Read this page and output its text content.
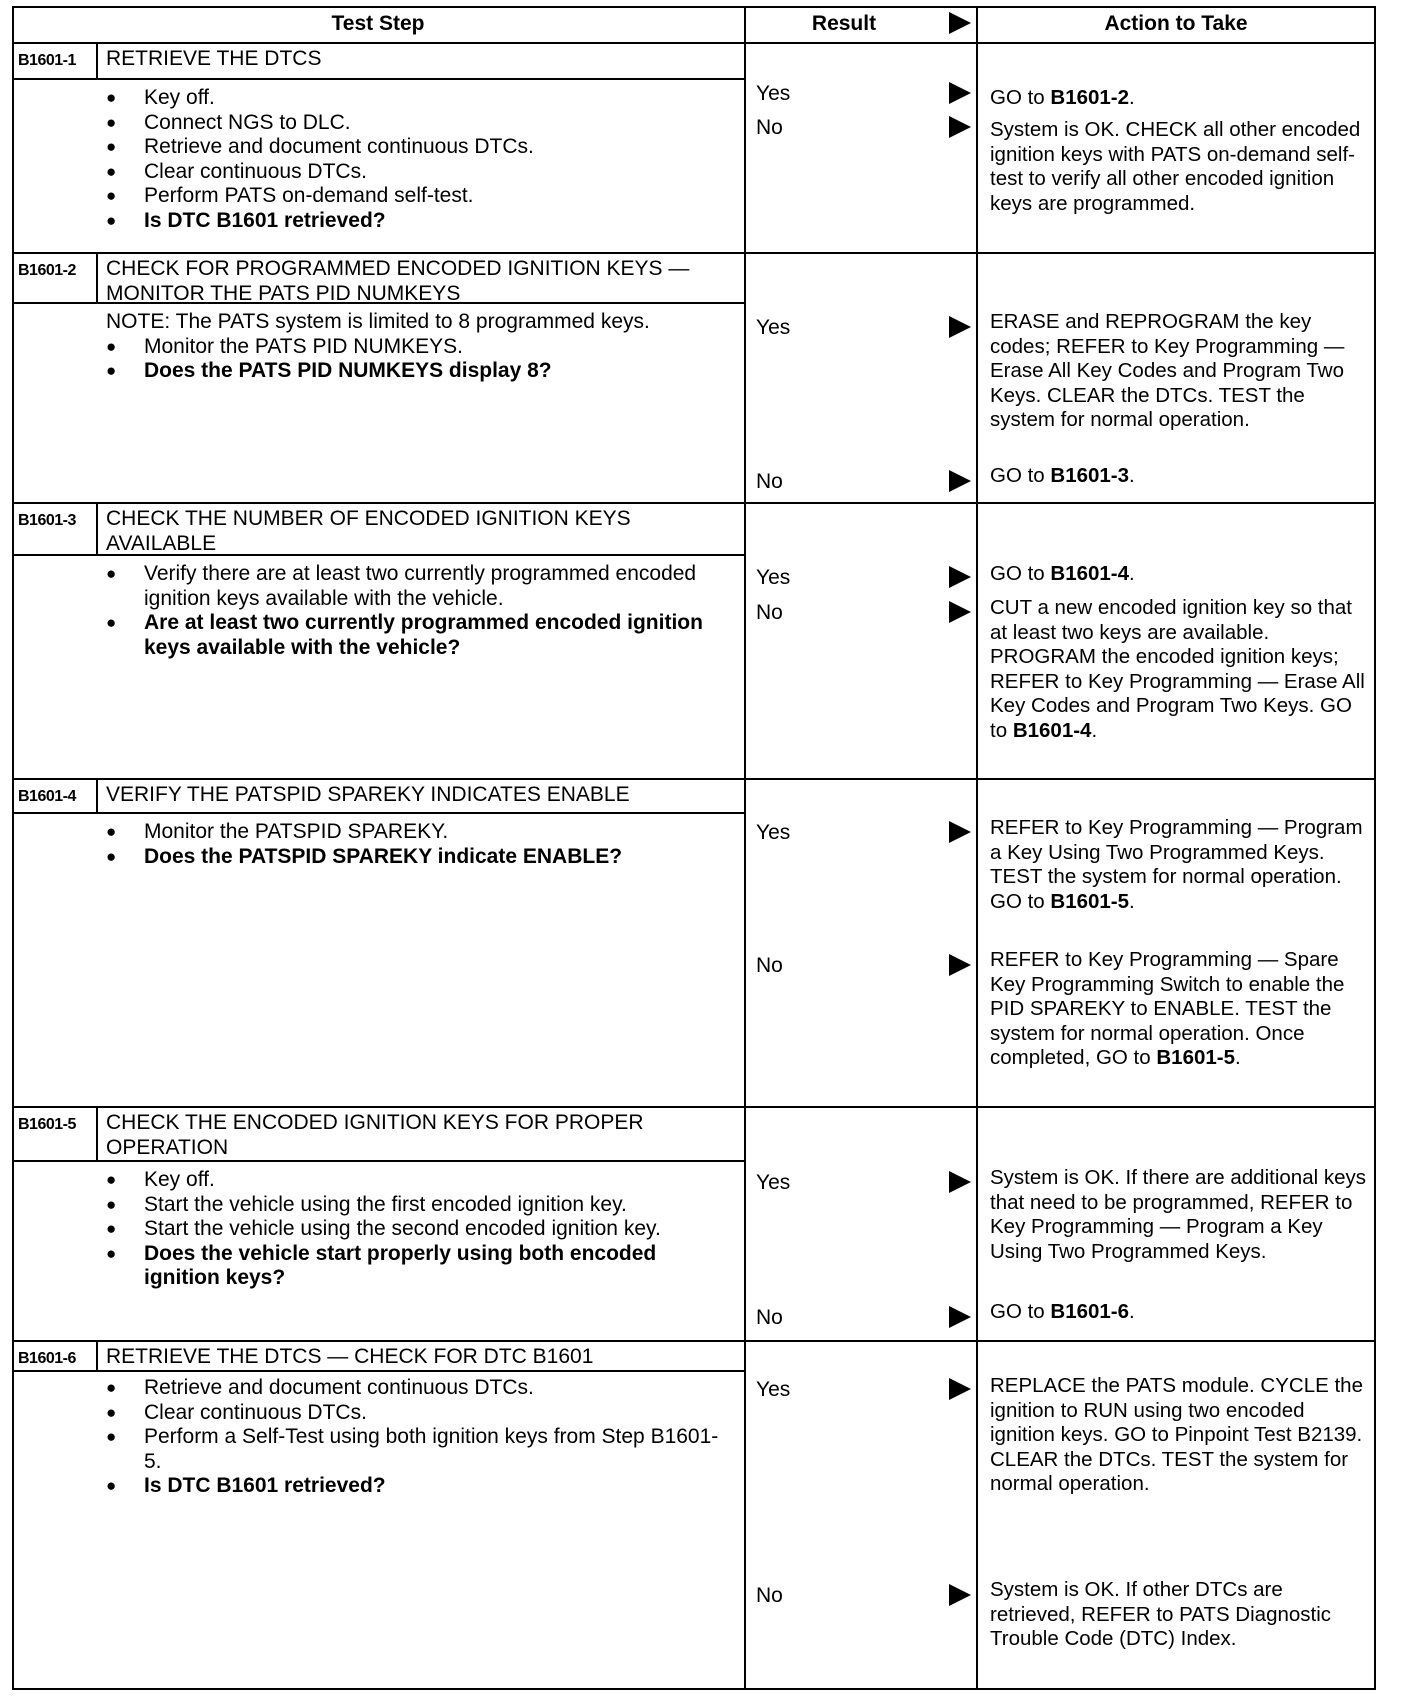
Test Step	Result	Action to Take
B1601-1 RETRIEVE THE DTCS
● Key off.
● Connect NGS to DLC.
● Retrieve and document continuous DTCs.
● Clear continuous DTCs.
● Perform PATS on-demand self-test.
● Is DTC B1601 retrieved?
Yes
No
GO to B1601-2.
System is OK. CHECK all other encoded ignition keys with PATS on-demand self-test to verify all other encoded ignition keys are programmed.
B1601-2 CHECK FOR PROGRAMMED ENCODED IGNITION KEYS — MONITOR THE PATS PID NUMKEYS
NOTE: The PATS system is limited to 8 programmed keys.
● Monitor the PATS PID NUMKEYS.
● Does the PATS PID NUMKEYS display 8?
Yes
No
ERASE and REPROGRAM the key codes; REFER to Key Programming — Erase All Key Codes and Program Two Keys. CLEAR the DTCs. TEST the system for normal operation.
GO to B1601-3.
B1601-3 CHECK THE NUMBER OF ENCODED IGNITION KEYS AVAILABLE
● Verify there are at least two currently programmed encoded ignition keys available with the vehicle.
● Are at least two currently programmed encoded ignition keys available with the vehicle?
Yes
No
GO to B1601-4.
CUT a new encoded ignition key so that at least two keys are available. PROGRAM the encoded ignition keys; REFER to Key Programming — Erase All Key Codes and Program Two Keys. GO to B1601-4.
B1601-4 VERIFY THE PATSPID SPAREKY INDICATES ENABLE
● Monitor the PATSPID SPAREKY.
● Does the PATSPID SPAREKY indicate ENABLE?
Yes
No
REFER to Key Programming — Program a Key Using Two Programmed Keys. TEST the system for normal operation. GO to B1601-5.
REFER to Key Programming — Spare Key Programming Switch to enable the PID SPAREKY to ENABLE. TEST the system for normal operation. Once completed, GO to B1601-5.
B1601-5 CHECK THE ENCODED IGNITION KEYS FOR PROPER OPERATION
● Key off.
● Start the vehicle using the first encoded ignition key.
● Start the vehicle using the second encoded ignition key.
● Does the vehicle start properly using both encoded ignition keys?
Yes
No
System is OK. If there are additional keys that need to be programmed, REFER to Key Programming — Program a Key Using Two Programmed Keys.
GO to B1601-6.
B1601-6 RETRIEVE THE DTCS — CHECK FOR DTC B1601
● Retrieve and document continuous DTCs.
● Clear continuous DTCs.
● Perform a Self-Test using both ignition keys from Step B1601-5.
● Is DTC B1601 retrieved?
Yes
No
REPLACE the PATS module. CYCLE the ignition to RUN using two encoded ignition keys. GO to Pinpoint Test B2139. CLEAR the DTCs. TEST the system for normal operation.
System is OK. If other DTCs are retrieved, REFER to PATS Diagnostic Trouble Code (DTC) Index.
